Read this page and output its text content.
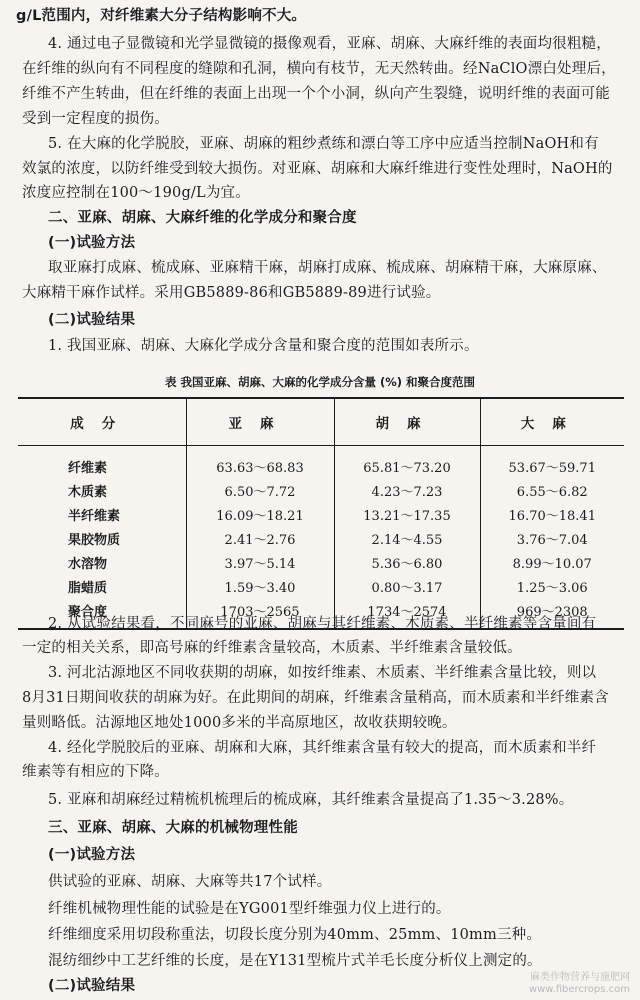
g/L范围内，对纤维素大分子结构影响不大。
4. 通过电子显微镜和光学显微镜的摄像观看，亚麻、胡麻、大麻纤维的表面均很粗糙，
在纤维的纵向有不同程度的缝隙和孔洞，横向有枝节，无天然转曲。经NaClO漂白处理后，
纤维不产生转曲，但在纤维的表面上出现一个个小洞，纵向产生裂缝，说明纤维的表面可能
受到一定程度的损伤。
5. 在大麻的化学脱胶，亚麻、胡麻的粗纱煮练和漂白等工序中应适当控制NaOH和有
效氯的浓度，以防纤维受到较大损伤。对亚麻、胡麻和大麻纤维进行变性处理时，NaOH的
浓度应控制在100～190g/L为宜。
二、亚麻、胡麻、大麻纤维的化学成分和聚合度
(一)试验方法
取亚麻打成麻、梳成麻、亚麻精干麻，胡麻打成麻、梳成麻、胡麻精干麻，大麻原麻、
大麻精干麻作试样。采用GB5889-86和GB5889-89进行试验。
(二)试验结果
1. 我国亚麻、胡麻、大麻化学成分含量和聚合度的范围如表所示。
表 我国亚麻、胡麻、大麻的化学成分含量 (%) 和聚合度范围
成分	亚麻	胡麻	大麻
纤维素	63.63～68.83	65.81～73.20	53.67～59.71
木质素	6.50～7.72	4.23～7.23	6.55～6.82
半纤维素	16.09～18.21	13.21～17.35	16.70～18.41
果胶物质	2.41～2.76	2.14～4.55	3.76～7.04
水溶物	3.97～5.14	5.36～6.80	8.99～10.07
脂蜡质	1.59～3.40	0.80～3.17	1.25～3.06
聚合度	1703～2565	1734～2574	969～2308
2. 从试验结果看，不同麻号的亚麻、胡麻与其纤维素、木质素、半纤维素等含量间有
一定的相关关系，即高号麻的纤维素含量较高，木质素、半纤维素含量较低。
3. 河北沽源地区不同收获期的胡麻，如按纤维素、木质素、半纤维素含量比较，则以
8月31日期间收获的胡麻为好。在此期间的胡麻，纤维素含量稍高，而木质素和半纤维素含
量则略低。沽源地区地处1000多米的半高原地区，故收获期较晚。
4. 经化学脱胶后的亚麻、胡麻和大麻，其纤维素含量有较大的提高，而木质素和半纤
维素等有相应的下降。
5. 亚麻和胡麻经过精梳机梳理后的梳成麻，其纤维素含量提高了1.35～3.28%。
三、亚麻、胡麻、大麻的机械物理性能
(一)试验方法
供试验的亚麻、胡麻、大麻等共17个试样。
纤维机械物理性能的试验是在YG001型纤维强力仪上进行的。
纤维细度采用切段称重法，切段长度分别为40mm、25mm、10mm三种。
混纺细纱中工艺纤维的长度，是在Y131型梳片式羊毛长度分析仪上测定的。
(二)试验结果
麻类作物营养与施肥网
www.fibercrops.com
